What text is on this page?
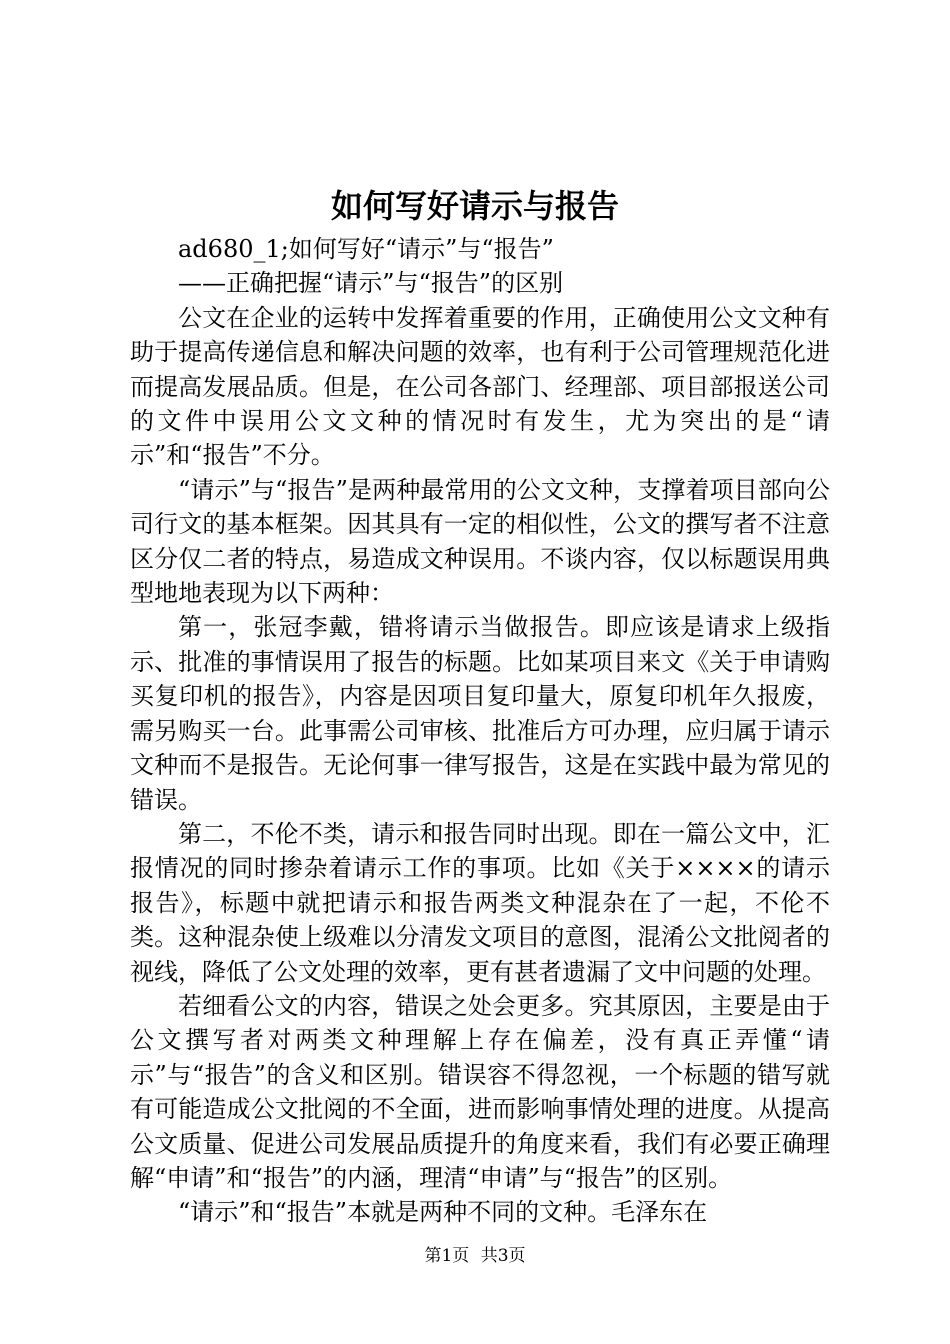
如何写好请示与报告

ad680_1;如何写好“请示”与“报告”

——正确把握“请示”与“报告”的区别

公文在企业的运转中发挥着重要的作用，正确使用公文文种有助于提高传递信息和解决问题的效率，也有利于公司管理规范化进而提高发展品质。但是，在公司各部门、经理部、项目部报送公司的文件中误用公文文种的情况时有发生，尤为突出的是“请示”和“报告”不分。

“请示”与“报告”是两种最常用的公文文种，支撑着项目部向公司行文的基本框架。因其具有一定的相似性，公文的撰写者不注意区分仅二者的特点，易造成文种误用。不谈内容，仅以标题误用典型地地表现为以下两种：

第一，张冠李戴，错将请示当做报告。即应该是请求上级指示、批准的事情误用了报告的标题。比如某项目来文《关于申请购买复印机的报告》，内容是因项目复印量大，原复印机年久报废，需另购买一台。此事需公司审核、批准后方可办理，应归属于请示文种而不是报告。无论何事一律写报告，这是在实践中最为常见的错误。

第二，不伦不类，请示和报告同时出现。即在一篇公文中，汇报情况的同时掺杂着请示工作的事项。比如《关于××××的请示报告》，标题中就把请示和报告两类文种混杂在了一起，不伦不类。这种混杂使上级难以分清发文项目的意图，混淆公文批阅者的视线，降低了公文处理的效率，更有甚者遗漏了文中问题的处理。

若细看公文的内容，错误之处会更多。究其原因，主要是由于公文撰写者对两类文种理解上存在偏差，没有真正弄懂“请示”与“报告”的含义和区别。错误容不得忽视，一个标题的错写就有可能造成公文批阅的不全面，进而影响事情处理的进度。从提高公文质量、促进公司发展品质提升的角度来看，我们有必要正确理解“申请”和“报告”的内涵，理清“申请”与“报告”的区别。

“请示”和“报告”本就是两种不同的文种。毛泽东在

第1页 共3页
